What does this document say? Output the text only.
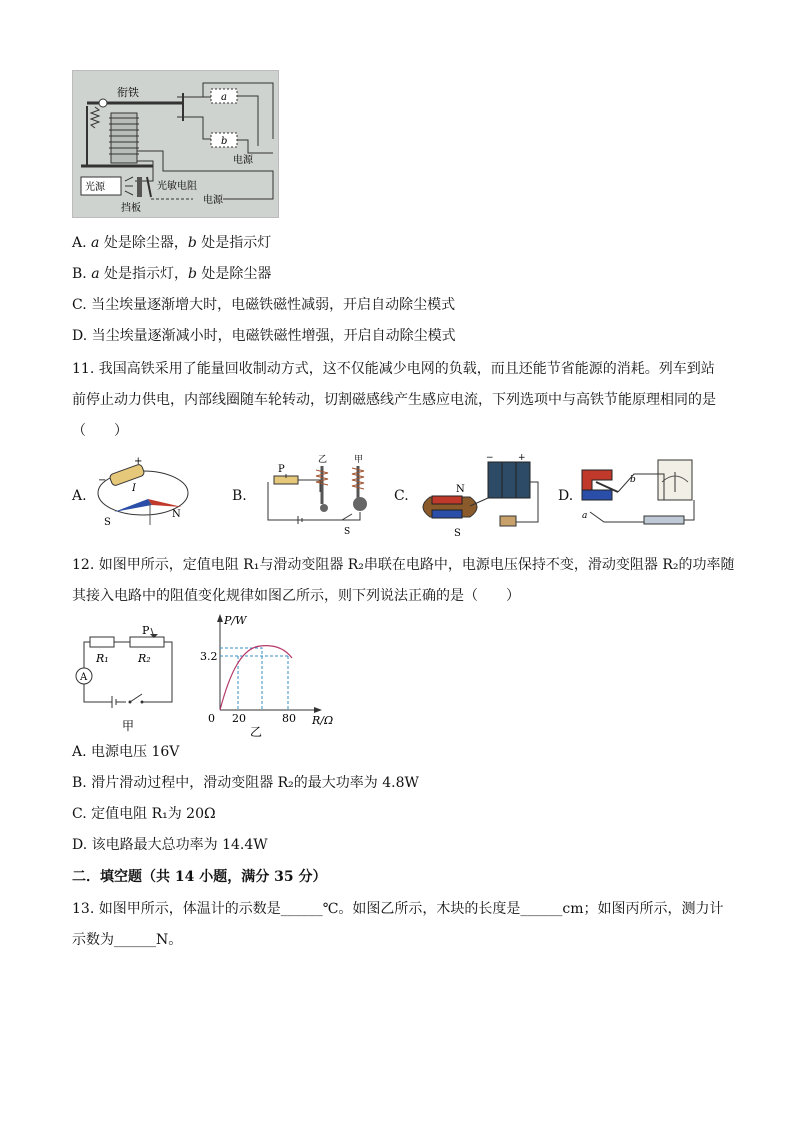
衔铁	a
b
电源
光源	光敏电阻
挡板
电源
A. a 处是除尘器，b 处是指示灯
B. a 处是指示灯，b 处是除尘器
C. 当尘埃量逐渐增大时，电磁铁磁性减弱，开启自动除尘模式
D. 当尘埃量逐渐减小时，电磁铁磁性增强，开启自动除尘模式
11. 我国高铁采用了能量回收制动方式，这不仅能减少电网的负载，而且还能节省能源的消耗。列车到站
前停止动力供电，内部线圈随车轮转动，切割磁感线产生感应电流，下列选项中与高铁节能原理相同的是
（　　）
A.
+
−
I
S
N
B.
P
乙	甲
S
C.
+
−
N
S
D.
a
b
12. 如图甲所示，定值电阻 R₁与滑动变阻器 R₂串联在电路中，电源电压保持不变，滑动变阻器 R₂的功率随
其接入电路中的阻值变化规律如图乙所示，则下列说法正确的是（　　）
P
R₁	R₂
A
甲
P/W
3.2
0 20	80 R/Ω
乙
A. 电源电压 16V
B. 滑片滑动过程中，滑动变阻器 R₂的最大功率为 4.8W
C. 定值电阻 R₁为 20Ω
D. 该电路最大总功率为 14.4W
二．填空题（共 14 小题，满分 35 分）
13. 如图甲所示，体温计的示数是______℃。如图乙所示，木块的长度是______cm；如图丙所示，测力计
示数为______N。
